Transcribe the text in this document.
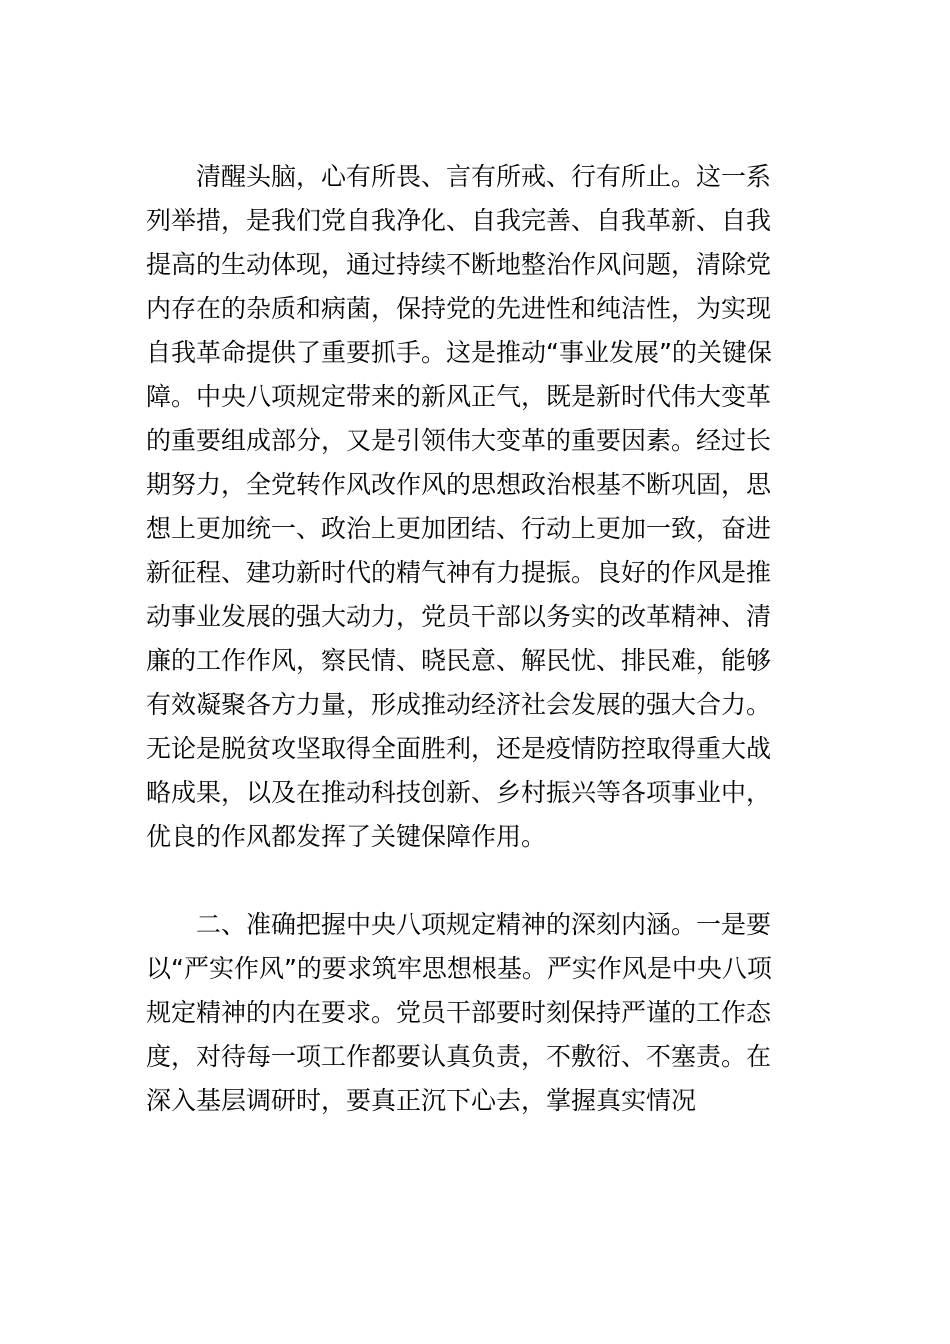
清醒头脑，心有所畏、言有所戒、行有所止。这一系
列举措，是我们党自我净化、自我完善、自我革新、自我
提高的生动体现，通过持续不断地整治作风问题，清除党
内存在的杂质和病菌，保持党的先进性和纯洁性，为实现
自我革命提供了重要抓手。这是推动“事业发展”的关键保
障。中央八项规定带来的新风正气，既是新时代伟大变革
的重要组成部分，又是引领伟大变革的重要因素。经过长
期努力，全党转作风改作风的思想政治根基不断巩固，思
想上更加统一、政治上更加团结、行动上更加一致，奋进
新征程、建功新时代的精气神有力提振。良好的作风是推
动事业发展的强大动力，党员干部以务实的改革精神、清
廉的工作作风，察民情、晓民意、解民忧、排民难，能够
有效凝聚各方力量，形成推动经济社会发展的强大合力。
无论是脱贫攻坚取得全面胜利，还是疫情防控取得重大战
略成果，以及在推动科技创新、乡村振兴等各项事业中，
优良的作风都发挥了关键保障作用。
二、准确把握中央八项规定精神的深刻内涵。一是要
以“严实作风”的要求筑牢思想根基。严实作风是中央八项
规定精神的内在要求。党员干部要时刻保持严谨的工作态
度，对待每一项工作都要认真负责，不敷衍、不塞责。在
深入基层调研时，要真正沉下心去，掌握真实情况
